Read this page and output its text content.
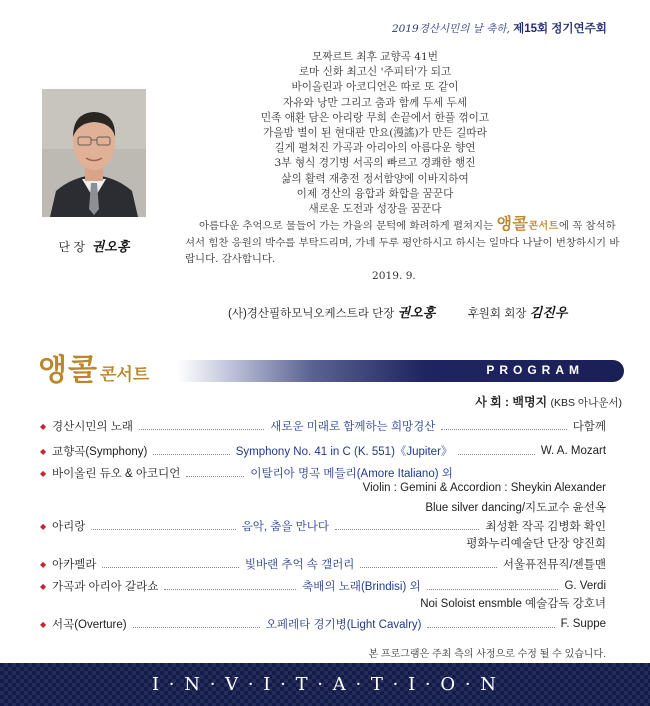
2019경산시민의 날 축하, 제15회 정기연주회
단 장 권오홍
모짜르트 최후 교향곡 41번
로마 신화 최고신 '주피터'가 되고
바이올린과 아코디언은 따로 또 같이
자유와 낭만 그리고 춤과 함께 두세 두세
민족 애환 담은 아리랑 무희 손끝에서 한풀 꺾이고
가을밤 별이 된 현대판 만요(漫謠)가 만든 길따라
길게 펼쳐진 가곡과 아리아의 아름다운 향연
3부 형식 경기병 서곡의 빠르고 경쾌한 행진
삶의 활력 재충전 정서함양에 이바지하여
이제 경산의 융합과 화합을 꿈꾼다
새로운 도전과 성장을 꿈꾼다
아름다운 추억으로 물들어 가는 가을의 문턱에 화려하게 펼쳐지는 앵콜콘서트에 꼭 참석하셔서 힘찬 응원의 박수를 부탁드리며, 가네 두루 평안하시고 하시는 일마다 나날이 번창하시기 바랍니다. 감사합니다.
2019. 9.
(사)경산필하모닉오케스트라 단장 권오홍	후원회 회장 김진우
앵콜 콘서트	PROGRAM
사 회 : 백명지 (KBS 아나운서)
◆ 경산시민의 노래	새로운 미래로 함께하는 희망경산	다함께
◆ 교향곡(Symphony)	Symphony No. 41 in C (K. 551)《Jupiter》	W. A. Mozart
◆ 바이올린 듀오 & 아코디언	이탈리아 명곡 메들리(Amore Italiano) 외
Violin : Gemini & Accordion : Sheykin Alexander
Blue silver dancing/지도교수 윤선옥
◆ 아리랑	음악, 춤을 만나다	최성환 작곡 김병화 확인
평화누리예술단 단장 양진희
◆ 아카펠라	빛바랜 추억 속 갤러리	서울퓨전뮤직/젠틀맨
◆ 가곡과 아리아 갈라쇼	축배의 노래(Brindisi) 외	G. Verdi
Noi Soloist ensmble 예술감독 강호녀
◆ 서곡(Overture)	오페레타 경기병(Light Cavalry)	F. Suppe
본 프로그램은 주최 측의 사정으로 수정 될 수 있습니다.
I · N · V · I · T · A · T · I · O · N
